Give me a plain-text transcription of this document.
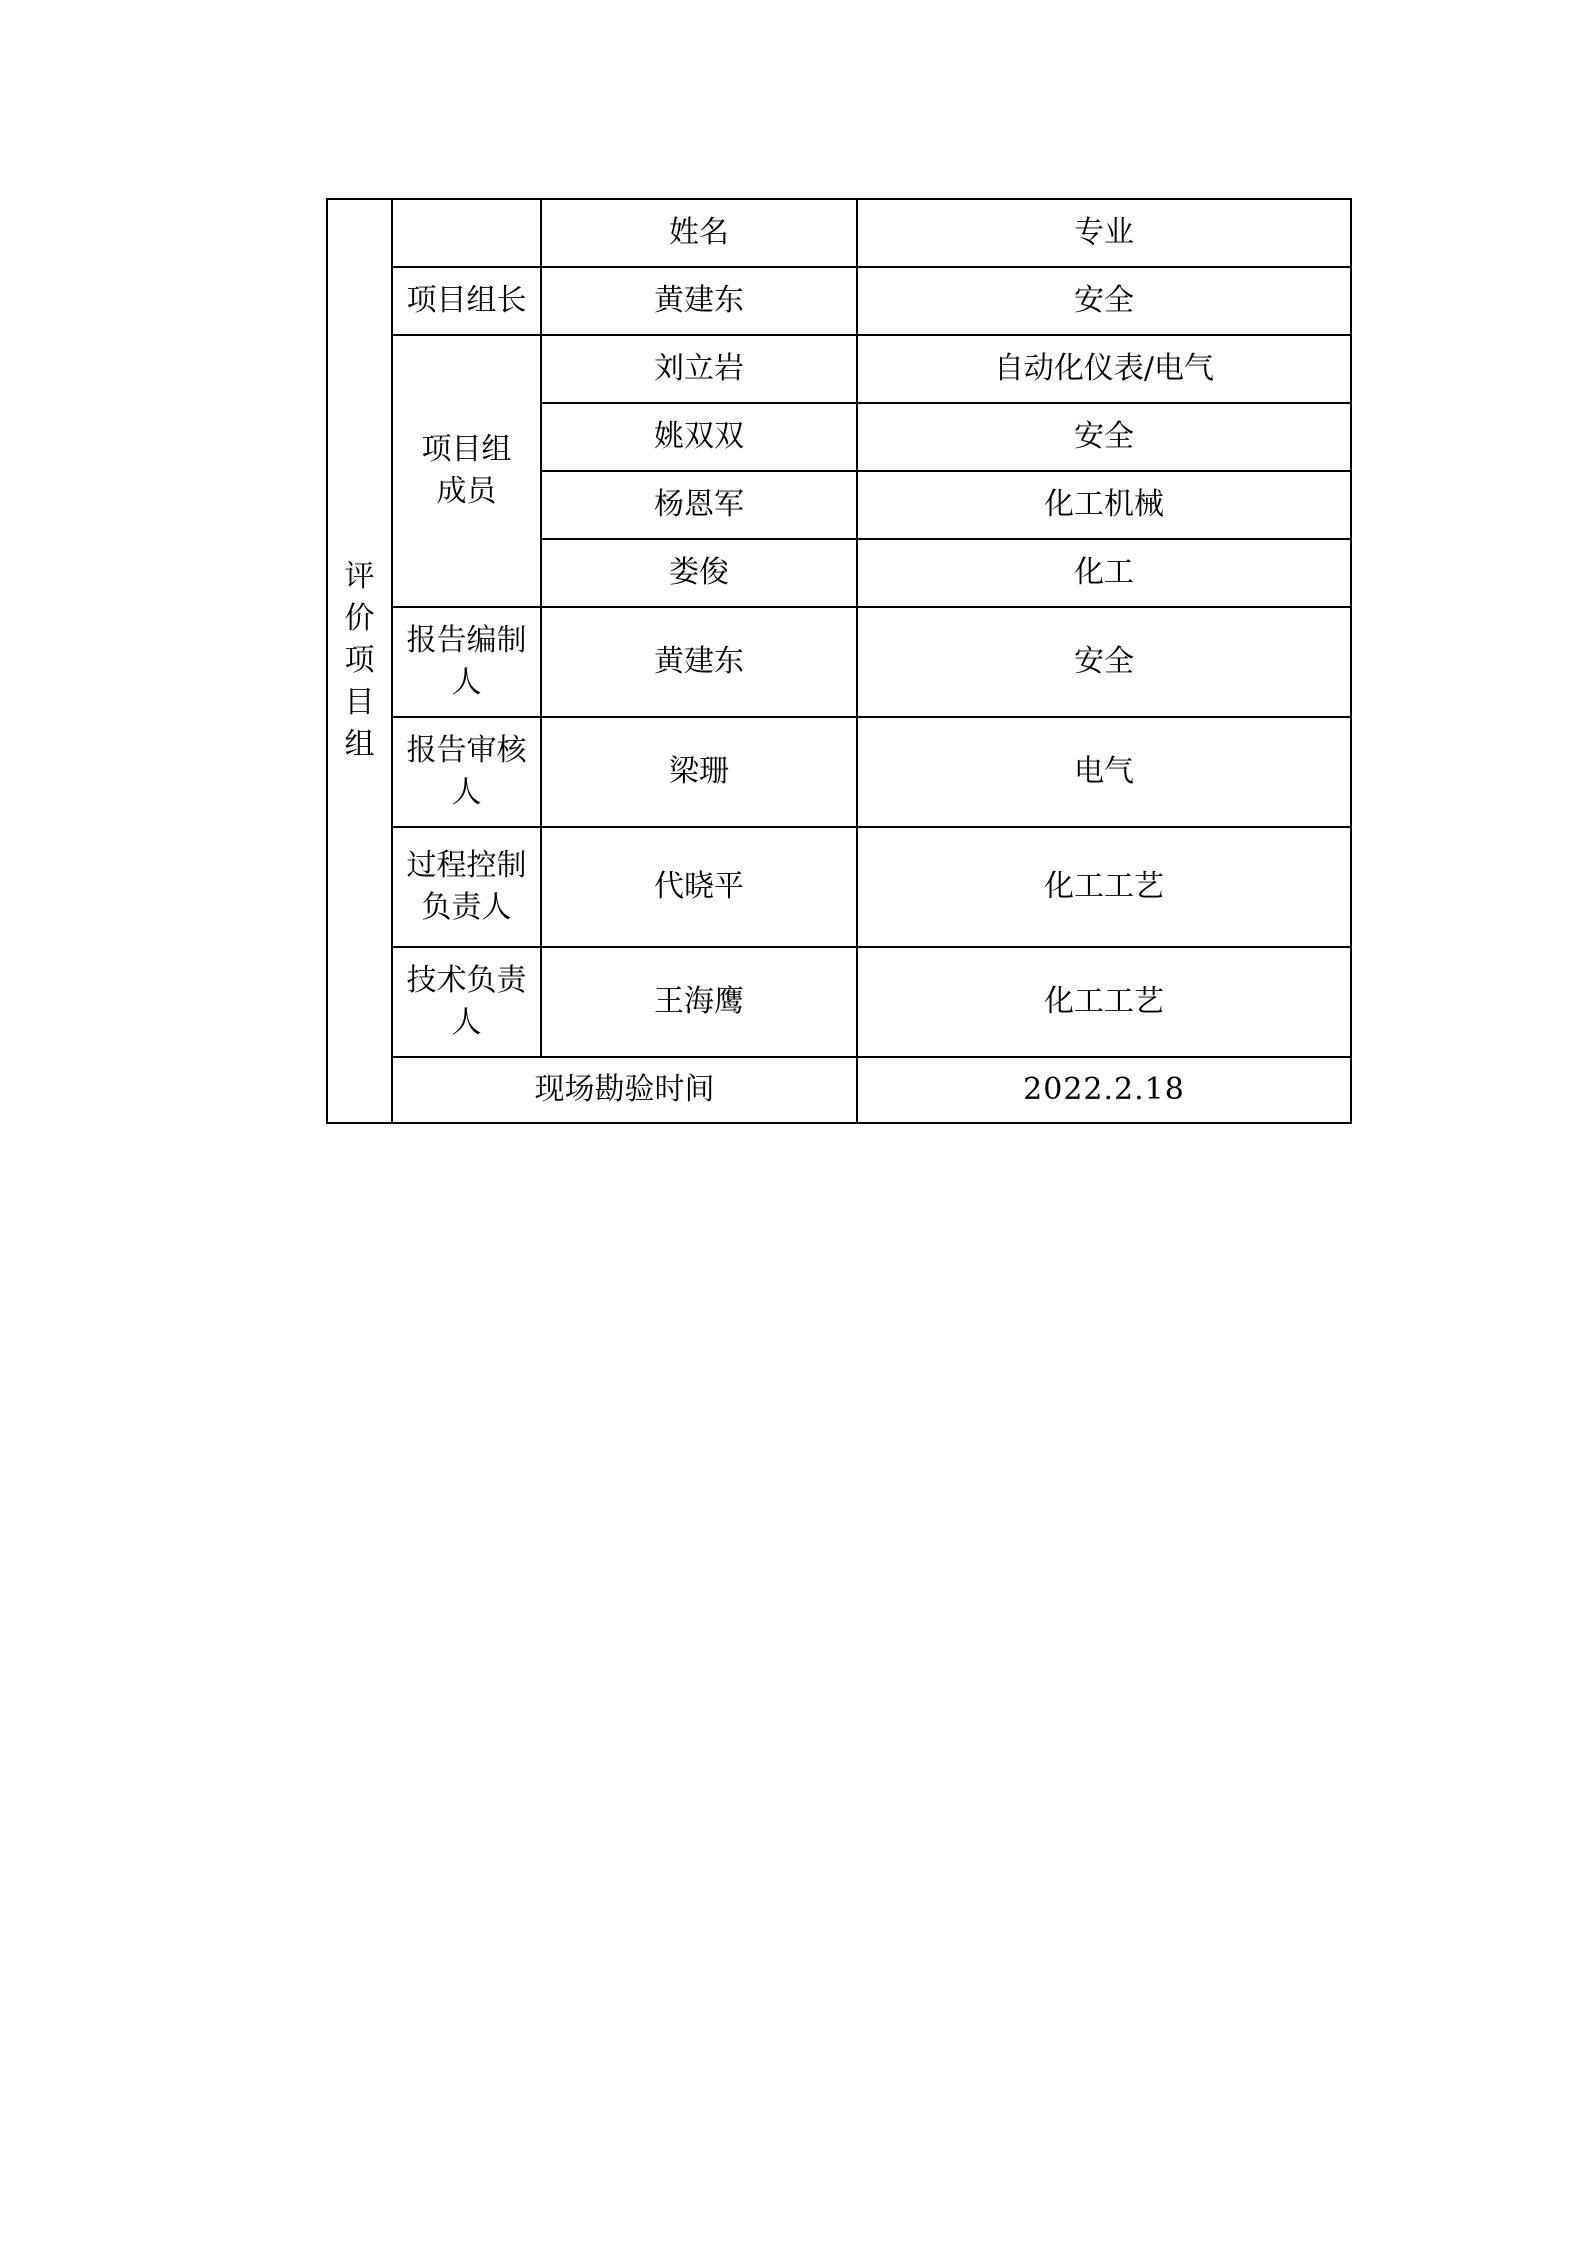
评价项目组		姓名	专业
	项目组长	黄建东	安全
	项目组成员	刘立岩	自动化仪表/电气
		姚双双	安全
		杨恩军	化工机械
		娄俊	化工
	报告编制人	黄建东	安全
	报告审核人	梁珊	电气
	过程控制负责人	代晓平	化工工艺
	技术负责人	王海鹰	化工工艺
	现场勘验时间		2022.2.18
